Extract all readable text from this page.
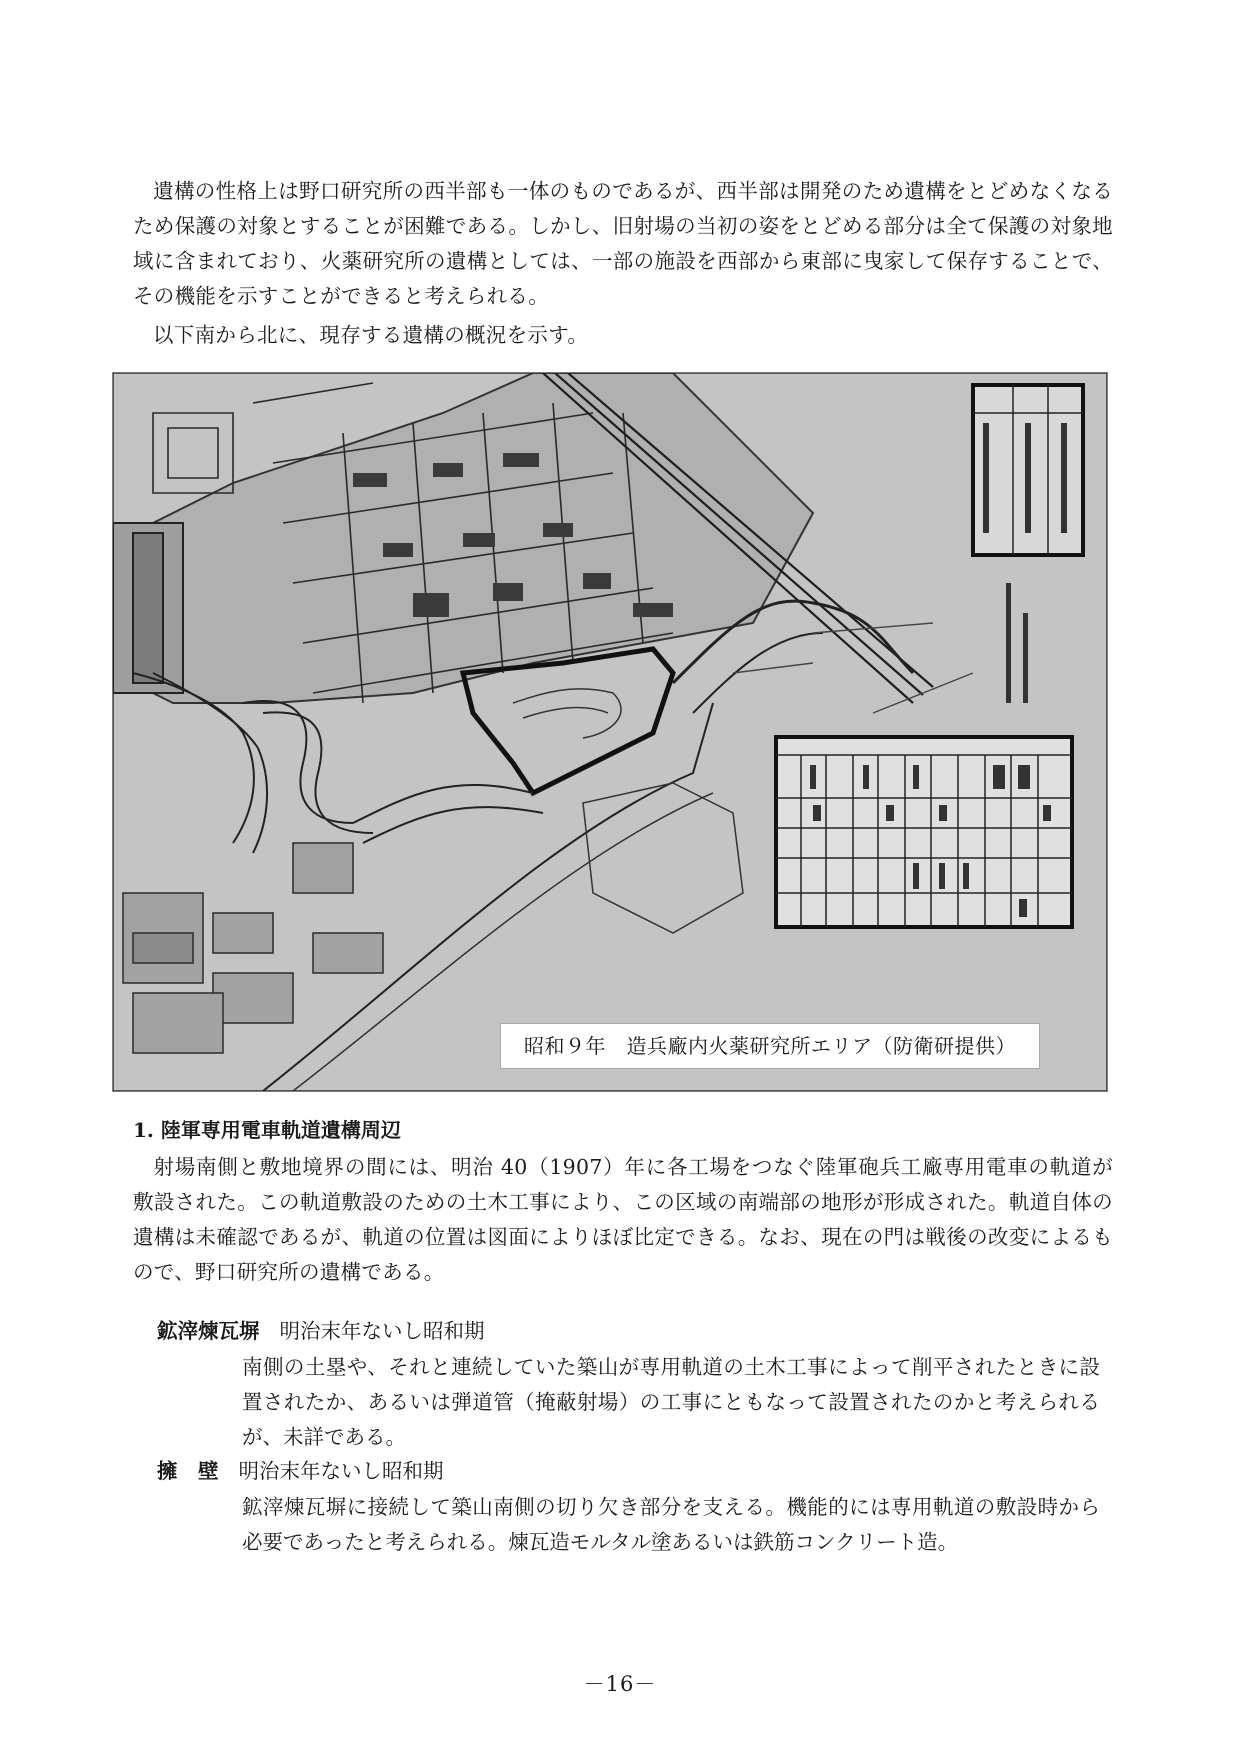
遺構の性格上は野口研究所の西半部も一体のものであるが、西半部は開発のため遺構をとどめなくなるため保護の対象とすることが困難である。しかし、旧射場の当初の姿をとどめる部分は全て保護の対象地域に含まれており、火薬研究所の遺構としては、一部の施設を西部から東部に曳家して保存することで、その機能を示すことができると考えられる。

以下南から北に、現存する遺構の概況を示す。

昭和９年　造兵廠内火薬研究所エリア（防衛研提供）
1. 陸軍専用電車軌道遺構周辺

射場南側と敷地境界の間には、明治 40（1907）年に各工場をつなぐ陸軍砲兵工廠専用電車の軌道が敷設された。この軌道敷設のための土木工事により、この区域の南端部の地形が形成された。軌道自体の遺構は未確認であるが、軌道の位置は図面によりほぼ比定できる。なお、現在の門は戦後の改変によるもので、野口研究所の遺構である。

鉱滓煉瓦塀 明治末年ないし昭和期

南側の土塁や、それと連続していた築山が専用軌道の土木工事によって削平されたときに設置されたか、あるいは弾道管（掩蔽射場）の工事にともなって設置されたのかと考えられるが、未詳である。

擁　壁 明治末年ないし昭和期

鉱滓煉瓦塀に接続して築山南側の切り欠き部分を支える。機能的には専用軌道の敷設時から必要であったと考えられる。煉瓦造モルタル塗あるいは鉄筋コンクリート造。

－16－
